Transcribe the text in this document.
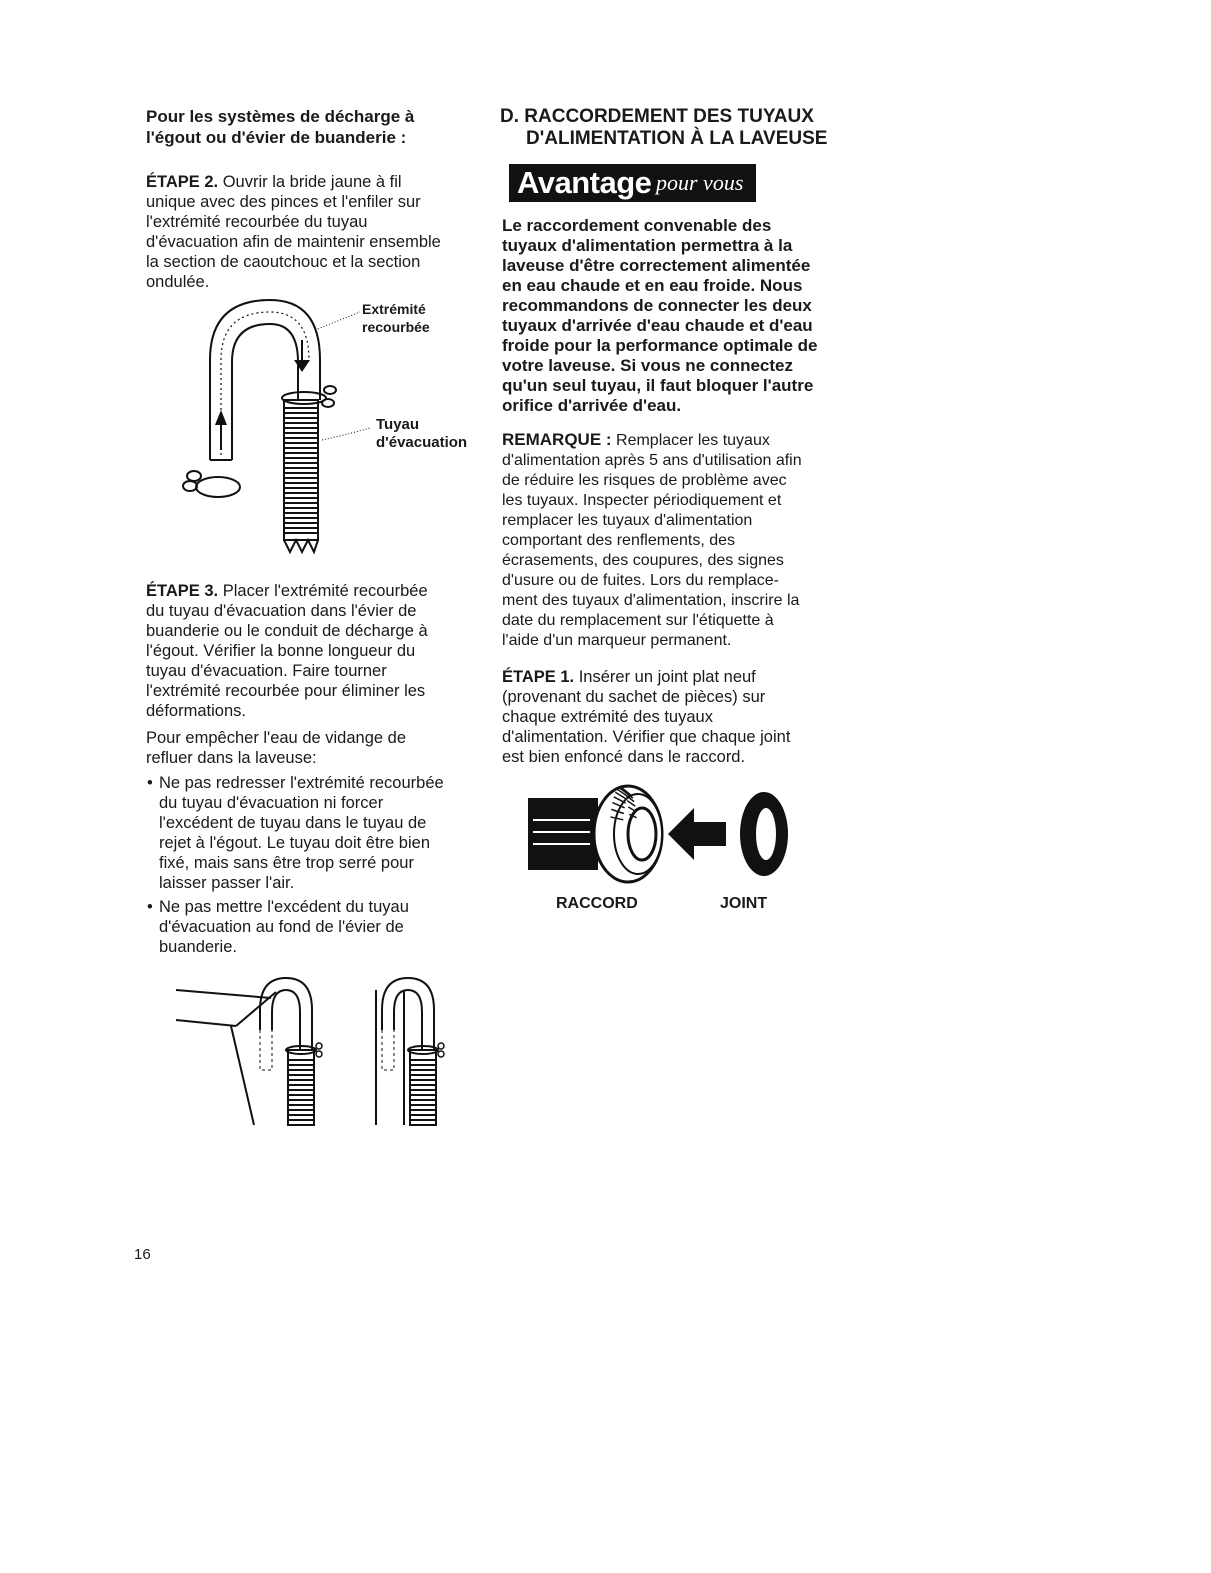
Pour les systèmes de décharge à
l'égout ou d'évier de buanderie :
ÉTAPE 2. Ouvrir la bride jaune à fil
unique avec des pinces et l'enfiler sur
l'extrémité recourbée du tuyau
d'évacuation afin de maintenir ensemble
la section de caoutchouc et la section
ondulée.
Extrémité
recourbée
Tuyau
d'évacuation
ÉTAPE 3. Placer l'extrémité recourbée
du tuyau d'évacuation dans l'évier de
buanderie ou le conduit de décharge à
l'égout. Vérifier la bonne longueur du
tuyau d'évacuation. Faire tourner
l'extrémité recourbée pour éliminer les
déformations.
Pour empêcher l'eau de vidange de
refluer dans la laveuse:
• Ne pas redresser l'extrémité recourbée
du tuyau d'évacuation ni forcer
l'excédent de tuyau dans le tuyau de
rejet à l'égout. Le tuyau doit être bien
fixé, mais sans être trop serré pour
laisser passer l'air.
• Ne pas mettre l'excédent du tuyau
d'évacuation au fond de l'évier de
buanderie.
D. RACCORDEMENT DES TUYAUX
D'ALIMENTATION À LA LAVEUSE
Avantage pour vous
Le raccordement convenable des
tuyaux d'alimentation permettra à la
laveuse d'être correctement alimentée
en eau chaude et en eau froide. Nous
recommandons de connecter les deux
tuyaux d'arrivée d'eau chaude et d'eau
froide pour la performance optimale de
votre laveuse. Si vous ne connectez
qu'un seul tuyau, il faut bloquer l'autre
orifice d'arrivée d'eau.
REMARQUE : Remplacer les tuyaux
d'alimentation après 5 ans d'utilisation afin
de réduire les risques de problème avec
les tuyaux. Inspecter périodiquement et
remplacer les tuyaux d'alimentation
comportant des renflements, des
écrasements, des coupures, des signes
d'usure ou de fuites. Lors du remplace-
ment des tuyaux d'alimentation, inscrire la
date du remplacement sur l'étiquette à
l'aide d'un marqueur permanent.
ÉTAPE 1. Insérer un joint plat neuf
(provenant du sachet de pièces) sur
chaque extrémité des tuyaux
d'alimentation. Vérifier que chaque joint
est bien enfoncé dans le raccord.
RACCORD	JOINT
16
